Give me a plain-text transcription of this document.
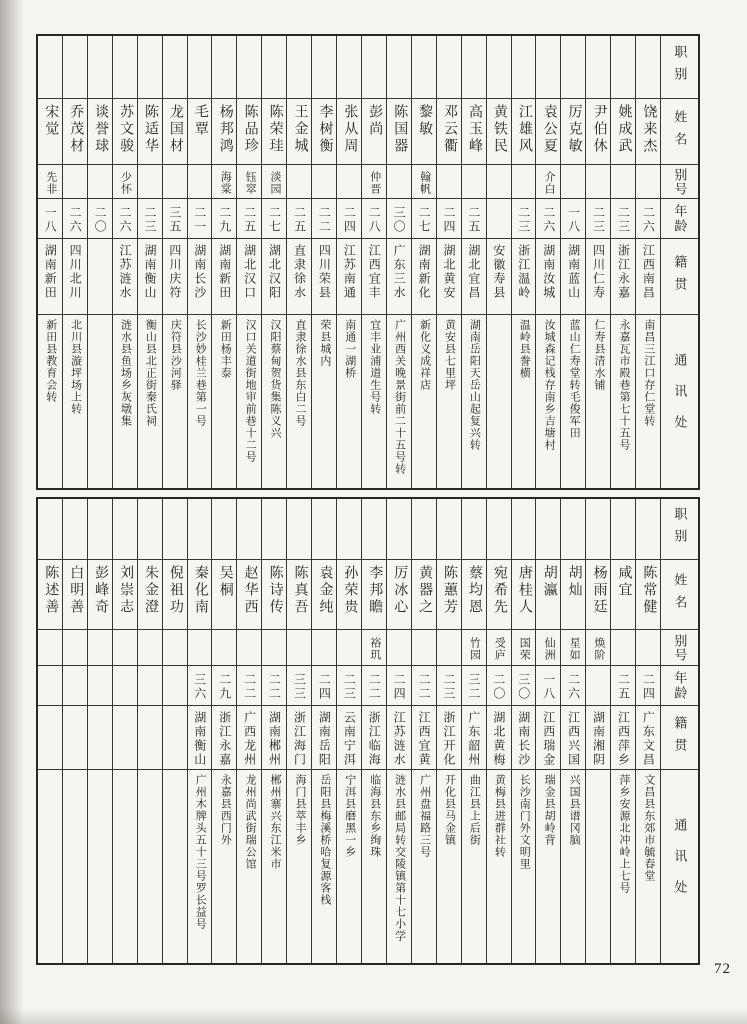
宋觉
先非
一八
湖南新田
新田县教育会转
乔茂材
二六
四川北川
北川县漩坪场上转
谈誉球
二〇
苏文骏
少怀
二六
江苏涟水
涟水县鱼场乡灰墩集
陈适华
二三
湖南衡山
衡山县北正街秦氏祠
龙国材
三五
四川庆符
庆符县沙河驿
毛覃
二一
湖南长沙
长沙妙桂兰巷第一号
杨邦鸿
海棠
二九
湖南新田
新田杨丰泰
陈品珍
钰窣
二五
湖北汉口
汉口关道街地审前巷十二号
陈荣珪
淡园
二七
湖北汉阳
汉阳蔡甸贺货集陈义兴
王金城
二五
直隶徐水
直隶徐水县东白二号
李树衡
二二
四川荣县
荣县城内
张从周
二四
江苏南通
南通一湖桥
彭尚
仲晋
二八
江西宜丰
宜丰业浦道生号转
陈国器
三〇
广东三水
广州西关晚景街前二十五号转
黎敏
翰帆
二七
湖南新化
新化义成祥店
邓云衢
二四
湖北黄安
黄安县七里坪
高玉峰
二五
湖北宜昌
湖南岳阳天岳山起复兴转
黄铁民
安徽寿县
江雄风
二三
浙江温岭
温岭县誊横
袁公夏
介白
二六
湖南汝城
汝城森记栈存南乡吉塘村
厉克敏
一八
湖南蓝山
蓝山仁寿堂转毛俊军田
尹伯休
二三
四川仁寿
仁寿县清水铺
姚成武
二三
浙江永嘉
永嘉瓦市殿巷第七十五号
饶来杰
二六
江西南昌
南昌三江口存仁堂转
职别
姓名
别号
年龄
籍贯
通讯处
陈述善 白明善 彭峰奇 刘崇志 朱金澄 倪祖功 秦化南
三六
湖南衡山
广州木牌头五十三号罗长益号
吴桐
二九
浙江永嘉
永嘉县西门外
赵华西
二二
广西龙州
龙州尚武街瑞公馆
陈诗传
二二
湖南郴州
郴州寨兴东江米市
陈真吾
三三
浙江海门
海门县萃丰乡
袁金纯
二四
湖南岳阳
岳阳县梅溪桥哈复源客栈
孙荣贵
二三
云南宁洱
宁洱县磨黑一乡
李邦瞻
裕玑
二二
浙江临海
临海县东乡绚珠
厉冰心
二四
江苏涟水
涟水县邮局转交陵镇第十七小学
黄器之
二二
江西宜黄
广州盘福路三号
陈蕙芳
二三
浙江开化
开化县马金镇
蔡均恩
竹园
三二
广东韶州
曲江县上后街
宛希先
受庐
二〇
湖北黄梅
黄梅县进群社转
唐桂人
国荣
三〇
湖南长沙
长沙南门外文明里
胡瀛
仙洲
一八
江西瑞金
瑞金县胡岭背
胡灿
星如
二六
江西兴国
兴国县谱冈脑
杨雨廷
焕阶
湖南湘阴
咸宜
二五
江西萍乡
萍乡安源北冲岭上七号
陈常健
二四
广东文昌
文昌县东郊市毓春堂
职别
姓名
别号
年龄
籍贯
通讯处
72
